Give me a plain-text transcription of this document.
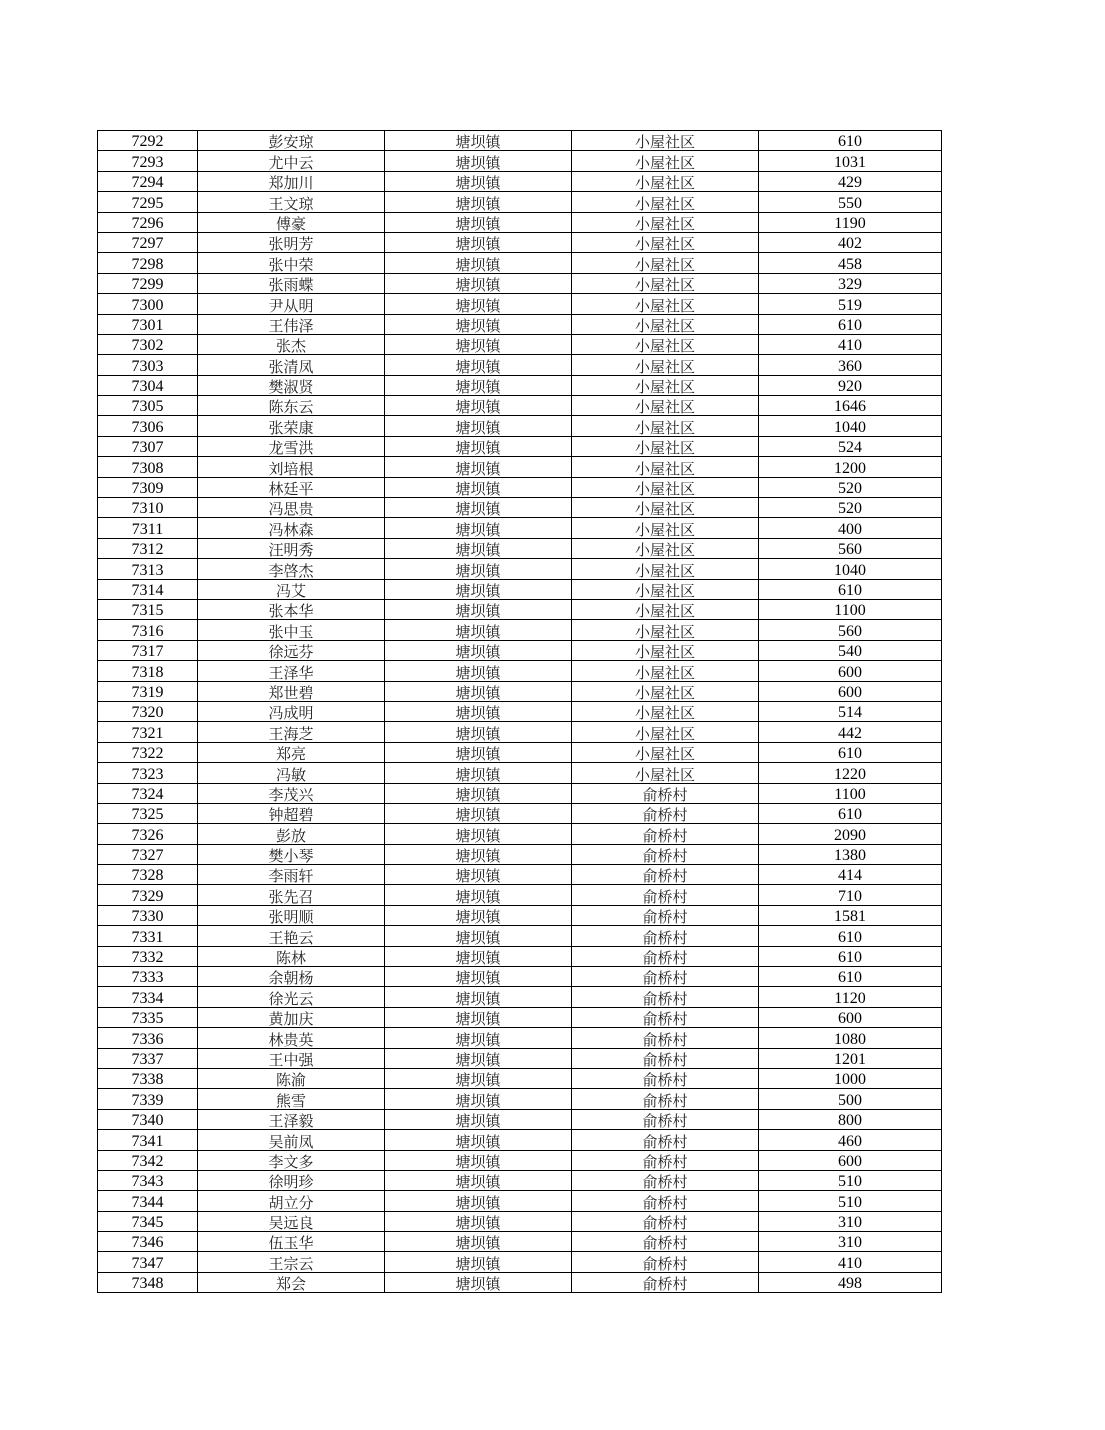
7292	彭安琼	塘坝镇	小屋社区	610
7293	尤中云	塘坝镇	小屋社区	1031
7294	郑加川	塘坝镇	小屋社区	429
7295	王文琼	塘坝镇	小屋社区	550
7296	傅豪	塘坝镇	小屋社区	1190
7297	张明芳	塘坝镇	小屋社区	402
7298	张中荣	塘坝镇	小屋社区	458
7299	张雨蝶	塘坝镇	小屋社区	329
7300	尹从明	塘坝镇	小屋社区	519
7301	王伟泽	塘坝镇	小屋社区	610
7302	张杰	塘坝镇	小屋社区	410
7303	张清凤	塘坝镇	小屋社区	360
7304	樊淑贤	塘坝镇	小屋社区	920
7305	陈东云	塘坝镇	小屋社区	1646
7306	张荣康	塘坝镇	小屋社区	1040
7307	龙雪洪	塘坝镇	小屋社区	524
7308	刘培根	塘坝镇	小屋社区	1200
7309	林廷平	塘坝镇	小屋社区	520
7310	冯思贵	塘坝镇	小屋社区	520
7311	冯林森	塘坝镇	小屋社区	400
7312	汪明秀	塘坝镇	小屋社区	560
7313	李啓杰	塘坝镇	小屋社区	1040
7314	冯艾	塘坝镇	小屋社区	610
7315	张本华	塘坝镇	小屋社区	1100
7316	张中玉	塘坝镇	小屋社区	560
7317	徐远芬	塘坝镇	小屋社区	540
7318	王泽华	塘坝镇	小屋社区	600
7319	郑世碧	塘坝镇	小屋社区	600
7320	冯成明	塘坝镇	小屋社区	514
7321	王海芝	塘坝镇	小屋社区	442
7322	郑亮	塘坝镇	小屋社区	610
7323	冯敏	塘坝镇	小屋社区	1220
7324	李茂兴	塘坝镇	俞桥村	1100
7325	钟超碧	塘坝镇	俞桥村	610
7326	彭放	塘坝镇	俞桥村	2090
7327	樊小琴	塘坝镇	俞桥村	1380
7328	李雨轩	塘坝镇	俞桥村	414
7329	张先召	塘坝镇	俞桥村	710
7330	张明顺	塘坝镇	俞桥村	1581
7331	王艳云	塘坝镇	俞桥村	610
7332	陈林	塘坝镇	俞桥村	610
7333	余朝杨	塘坝镇	俞桥村	610
7334	徐光云	塘坝镇	俞桥村	1120
7335	黄加庆	塘坝镇	俞桥村	600
7336	林贵英	塘坝镇	俞桥村	1080
7337	王中强	塘坝镇	俞桥村	1201
7338	陈渝	塘坝镇	俞桥村	1000
7339	熊雪	塘坝镇	俞桥村	500
7340	王泽毅	塘坝镇	俞桥村	800
7341	吴前凤	塘坝镇	俞桥村	460
7342	李文多	塘坝镇	俞桥村	600
7343	徐明珍	塘坝镇	俞桥村	510
7344	胡立分	塘坝镇	俞桥村	510
7345	吴远良	塘坝镇	俞桥村	310
7346	伍玉华	塘坝镇	俞桥村	310
7347	王宗云	塘坝镇	俞桥村	410
7348	郑会	塘坝镇	俞桥村	498
